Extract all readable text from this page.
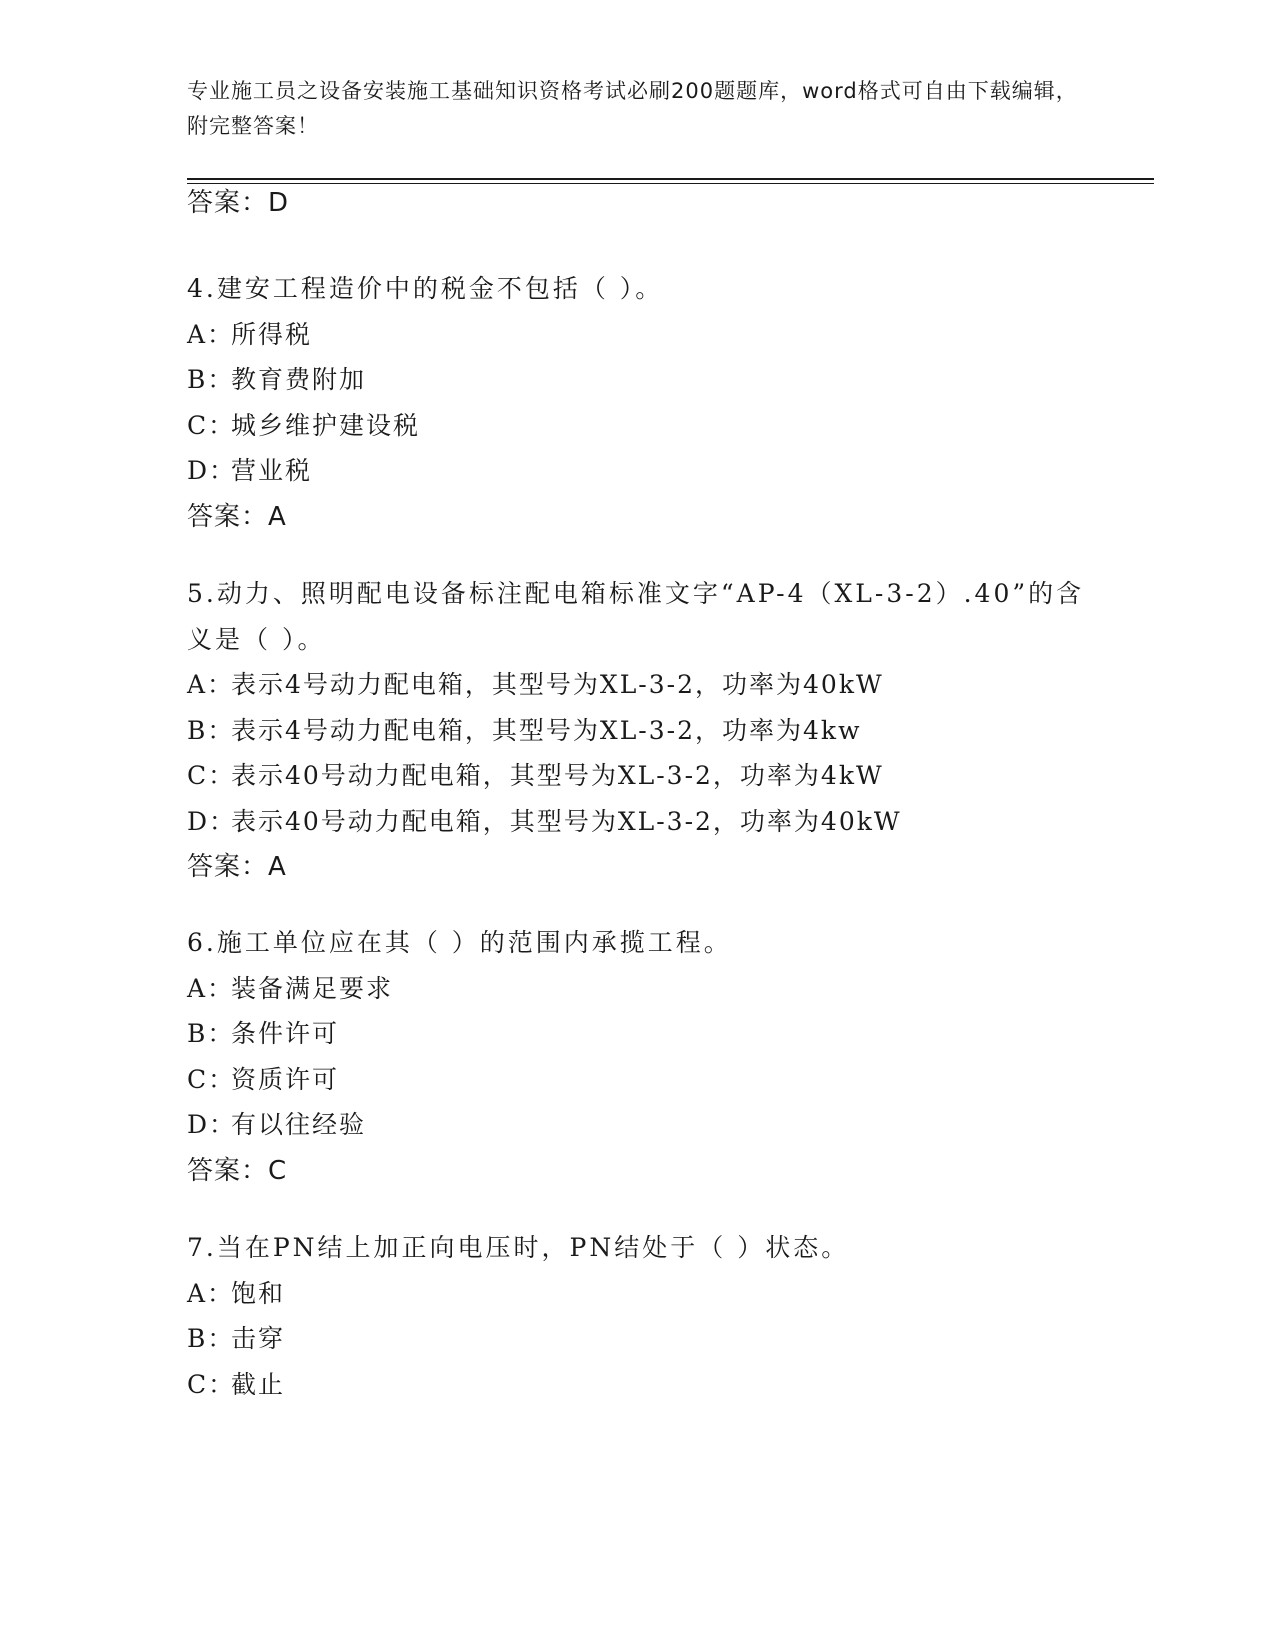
专业施工员之设备安装施工基础知识资格考试必刷200题题库，word格式可自由下载编辑，附完整答案！
答案：D
4.建安工程造价中的税金不包括（ ）。
A：所得税
B：教育费附加
C：城乡维护建设税
D：营业税
答案：A
5.动力、照明配电设备标注配电箱标准文字“AP-4（XL-3-2）.40”的含义是（ ）。
A：表示4号动力配电箱，其型号为XL-3-2，功率为40kW
B：表示4号动力配电箱，其型号为XL-3-2，功率为4kw
C：表示40号动力配电箱，其型号为XL-3-2，功率为4kW
D：表示40号动力配电箱，其型号为XL-3-2，功率为40kW
答案：A
6.施工单位应在其（ ）的范围内承揽工程。
A：装备满足要求
B：条件许可
C：资质许可
D：有以往经验
答案：C
7.当在PN结上加正向电压时，PN结处于（ ）状态。
A：饱和
B：击穿
C：截止
